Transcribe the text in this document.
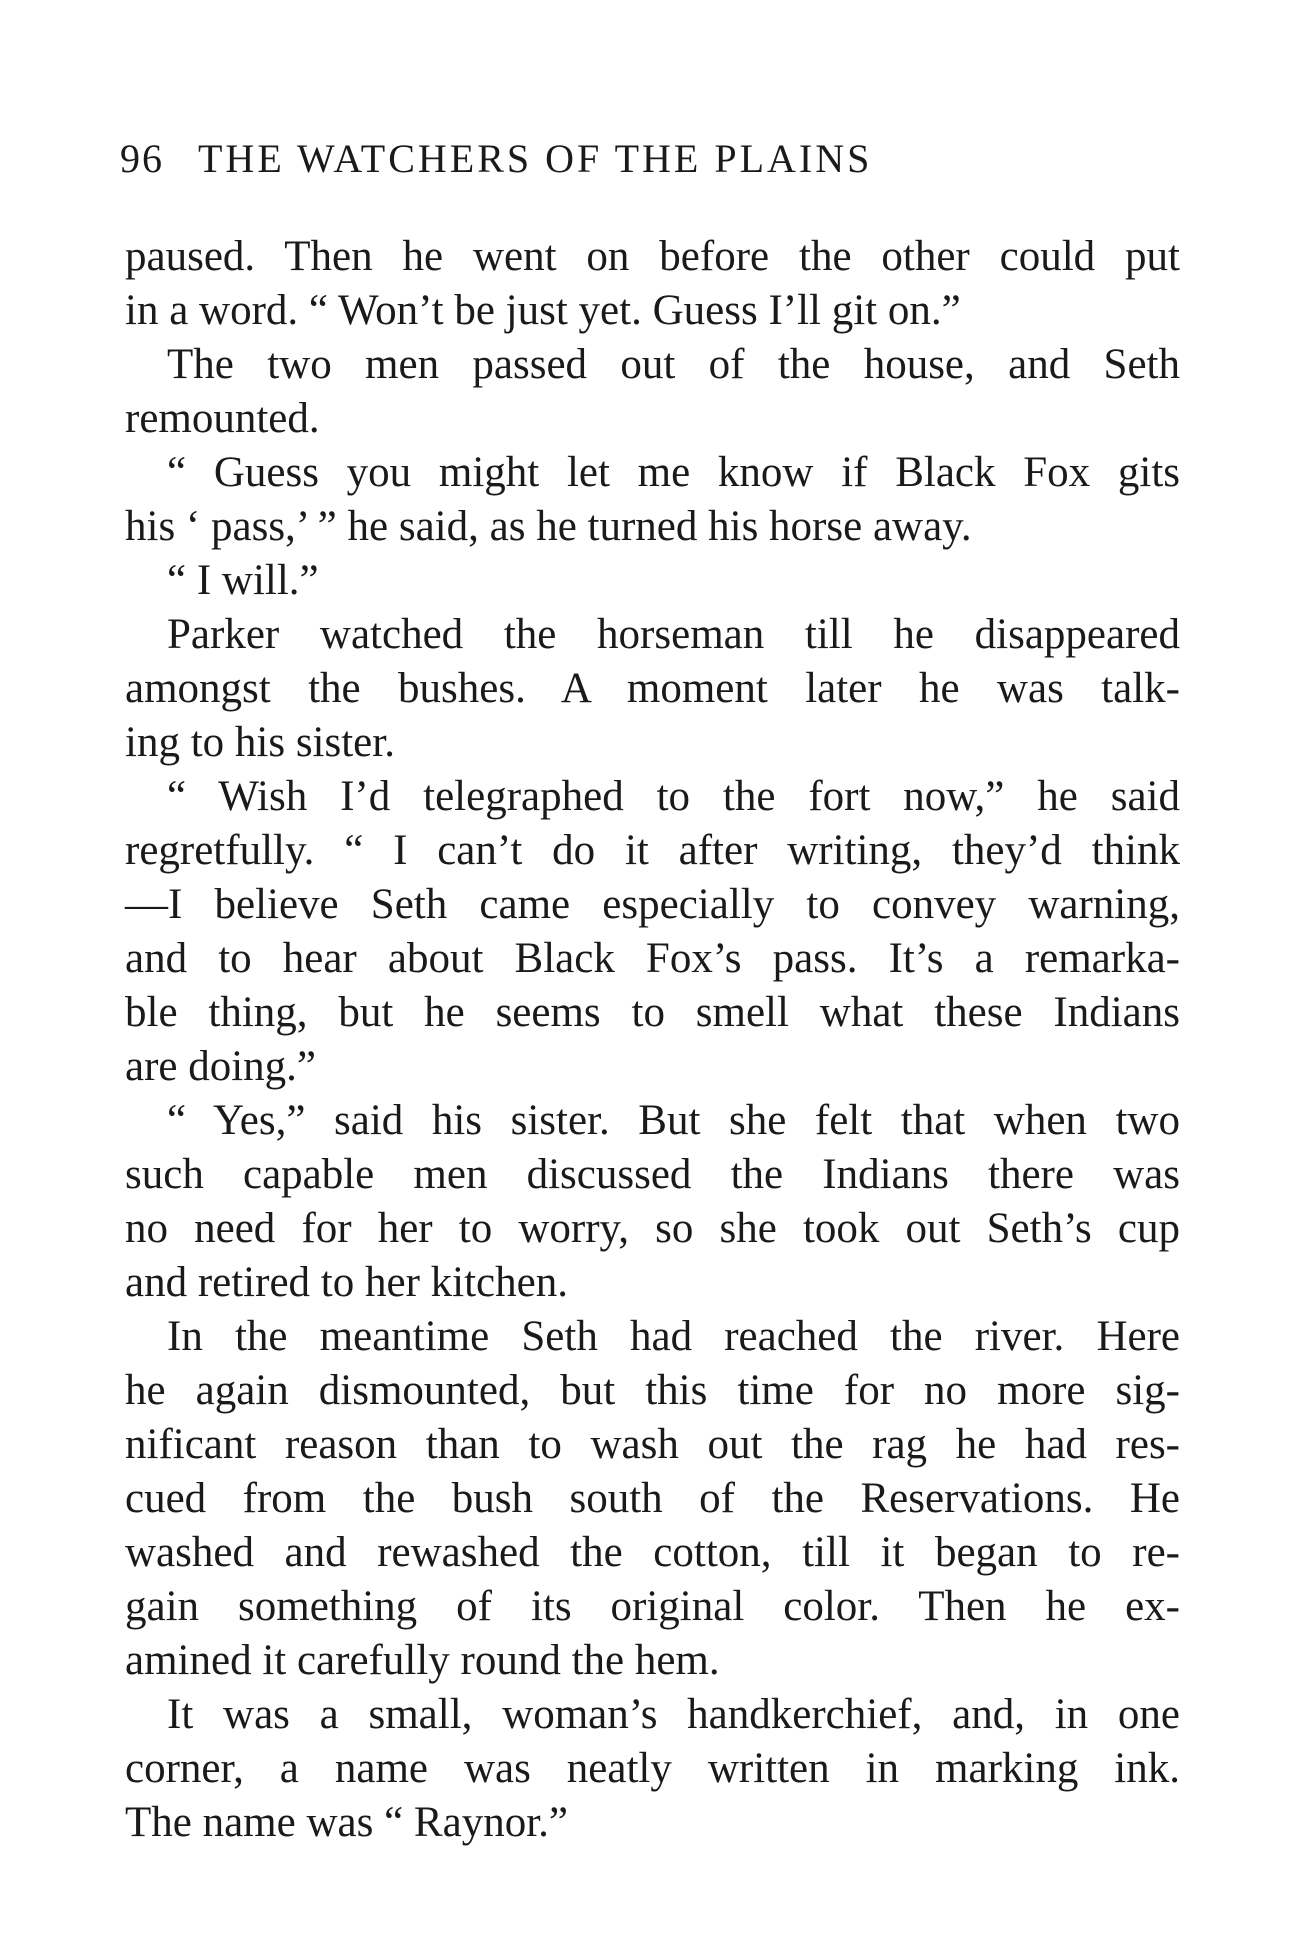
96 THE WATCHERS OF THE PLAINS
paused. Then he went on before the other could put
in a word. “ Won’t be just yet. Guess I’ll git on.”
The two men passed out of the house, and Seth
remounted.
“ Guess you might let me know if Black Fox gits
his ‘ pass,’ ” he said, as he turned his horse away.
“ I will.”
Parker watched the horseman till he disappeared
amongst the bushes. A moment later he was talk-
ing to his sister.
“ Wish I’d telegraphed to the fort now,” he said
regretfully. “ I can’t do it after writing, they’d think
—I believe Seth came especially to convey warning,
and to hear about Black Fox’s pass. It’s a remarka-
ble thing, but he seems to smell what these Indians
are doing.”
“ Yes,” said his sister. But she felt that when two
such capable men discussed the Indians there was
no need for her to worry, so she took out Seth’s cup
and retired to her kitchen.
In the meantime Seth had reached the river. Here
he again dismounted, but this time for no more sig-
nificant reason than to wash out the rag he had res-
cued from the bush south of the Reservations. He
washed and rewashed the cotton, till it began to re-
gain something of its original color. Then he ex-
amined it carefully round the hem.
It was a small, woman’s handkerchief, and, in one
corner, a name was neatly written in marking ink.
The name was “ Raynor.”
